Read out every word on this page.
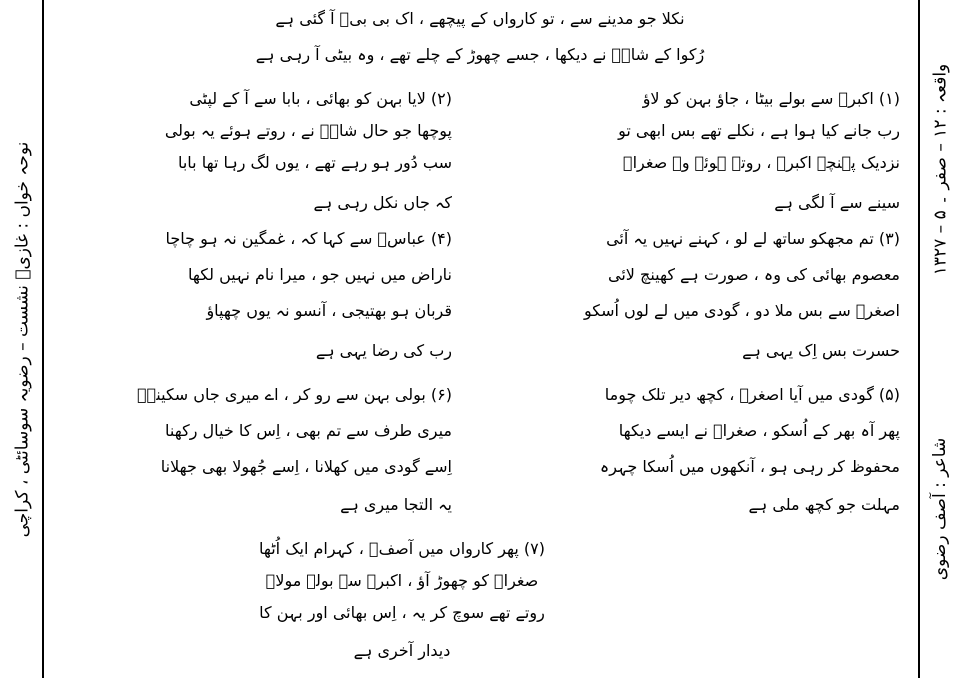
نوحہ خواں : غازیؑ نشست – رضویہ سوسائٹی ، کراچی
نکلا جو مدینے سے ، تو کارواں کے پیچھے ، اک بی بیؑ آ گئی ہے
رُکوا کے شاہؑ نے دیکھا ، جسے چھوڑ کے چلے تھے ، وہ بیٹی آ رہی ہے
(۱) اکبرؑ سے بولے بیٹا ، جاؤ بہن کو لاؤ
رب جانے کیا ہوا ہے ، نکلے تھے بس ابھی تو
نزدیک پہنچے اکبرؑ ، روتے ہوئے وہ صغراؑ
سینے سے آ لگی ہے
(۲) لایا بہن کو بھائی ، بابا سے آ کے لپٹی
پوچھا جو حال شاہؑ نے ، روتے ہوئے یہ بولی
سب دُور ہو رہے تھے ، یوں لگ رہا تھا بابا
کہ جاں نکل رہی ہے
(۳) تم مجھکو ساتھ لے لو ، کہنے نہیں یہ آئی
معصوم بھائی کی وہ ، صورت ہے کھینچ لائی
اصغرؑ سے بس ملا دو ، گودی میں لے لوں اُسکو
حسرت بس اِک یہی ہے
(۴) عباسؑ سے کہا کہ ، غمگین نہ ہو چاچا
ناراض میں نہیں جو ، میرا نام نہیں لکھا
قربان ہو بھتیجی ، آنسو نہ یوں چھپاؤ
رب کی رضا یہی ہے
(۵) گودی میں آیا اصغرؑ ، کچھ دیر تلک چوما
پھر آہ بھر کے اُسکو ، صغراؑ نے ایسے دیکھا
محفوظ کر رہی ہو ، آنکھوں میں اُسکا چہرہ
مہلت جو کچھ ملی ہے
(۶) بولی بہن سے رو کر ، اے میری جاں سکینہؑ
میری طرف سے تم بھی ، اِس کا خیال رکھنا
اِسے گودی میں کھلانا ، اِسے جُھولا بھی جھلانا
یہ التجا میری ہے
(۷) پھر کارواں میں آصفؔ ، کہرام ایک اُٹھا
صغراؑ کو چھوڑ آؤ ، اکبرؑ سے بولے مولاؑ
روتے تھے سوچ کر یہ ، اِس بھائی اور بہن کا
دیدار آخری ہے
واقعہ : ۱۲ – صفر ۔ ۵ – ۱۳۲۷
شاعر : آصف رضوی
